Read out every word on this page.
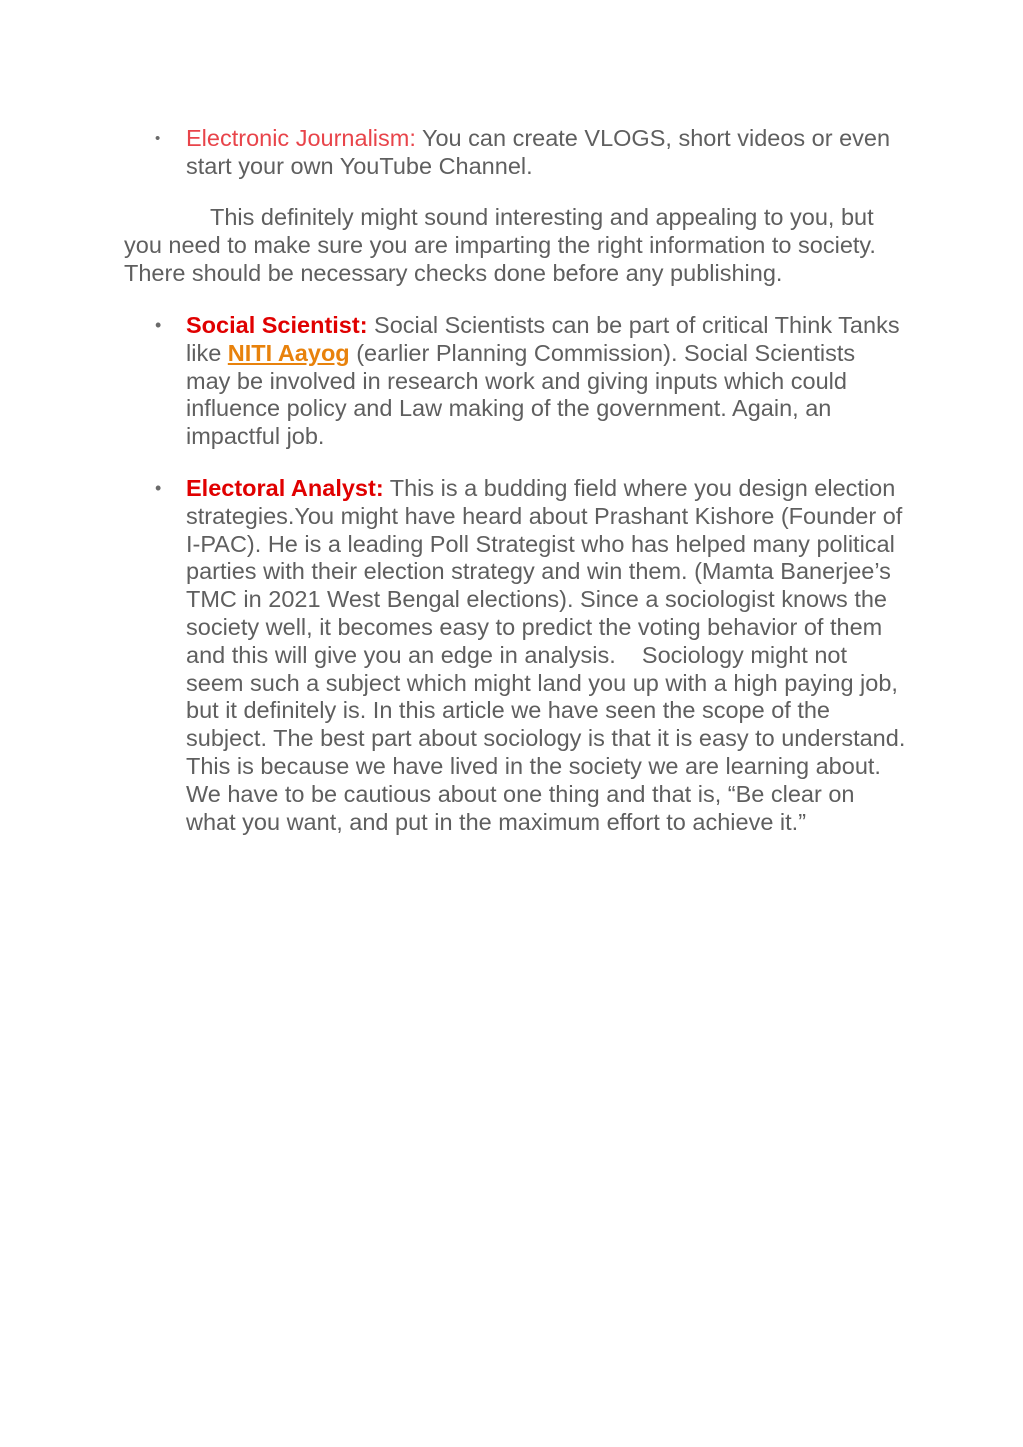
• Electronic Journalism: You can create VLOGS, short videos or even start your own YouTube Channel.
This definitely might sound interesting and appealing to you, but you need to make sure you are imparting the right information to society. There should be necessary checks done before any publishing.
• Social Scientist: Social Scientists can be part of critical Think Tanks like NITI Aayog (earlier Planning Commission). Social Scientists may be involved in research work and giving inputs which could influence policy and Law making of the government. Again, an impactful job.
• Electoral Analyst: This is a budding field where you design election strategies.You might have heard about Prashant Kishore (Founder of I-PAC). He is a leading Poll Strategist who has helped many political parties with their election strategy and win them. (Mamta Banerjee’s TMC in 2021 West Bengal elections). Since a sociologist knows the society well, it becomes easy to predict the voting behavior of them and this will give you an edge in analysis.    Sociology might not seem such a subject which might land you up with a high paying job, but it definitely is. In this article we have seen the scope of the subject. The best part about sociology is that it is easy to understand. This is because we have lived in the society we are learning about. We have to be cautious about one thing and that is, “Be clear on what you want, and put in the maximum effort to achieve it.”
